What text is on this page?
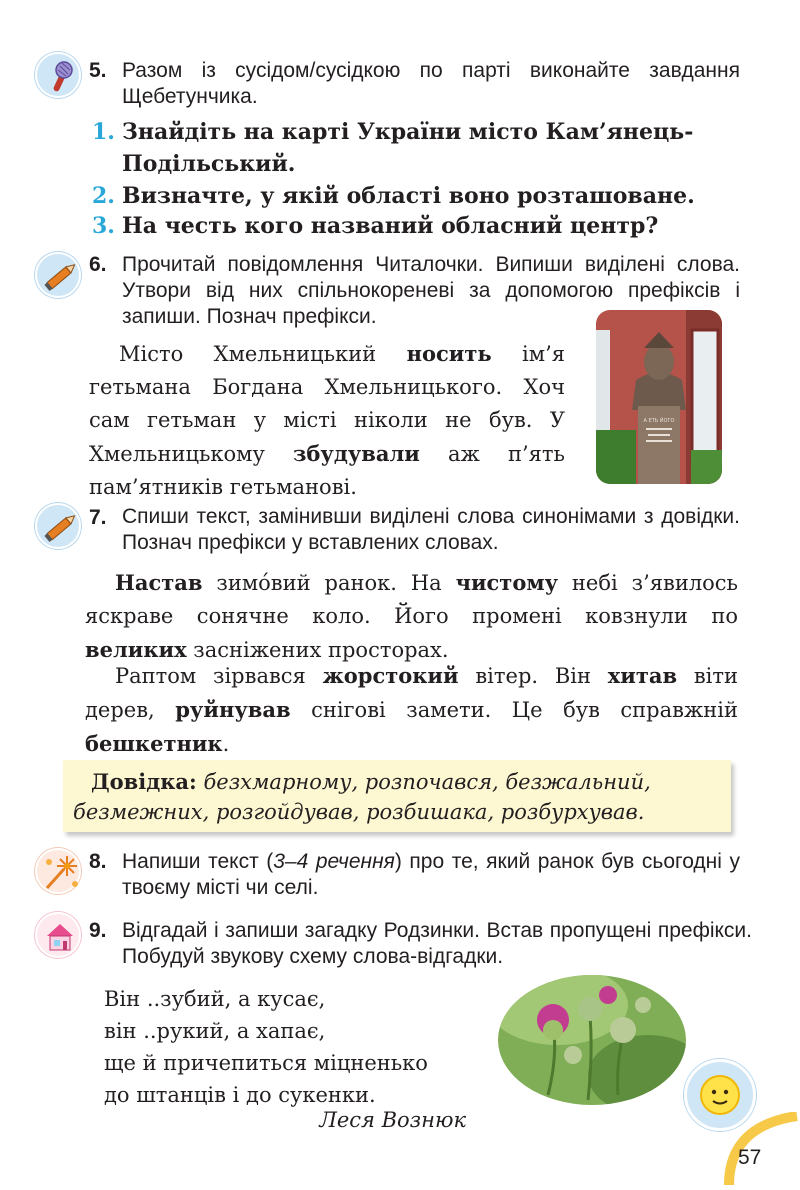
5. Разом із сусідом/сусідкою по парті виконайте завдання Щебетунчика.
1. Знайдіть на карті України місто Кам’янець-
Подільський.
2. Визначте, у якій області воно розташоване.
3. На честь кого названий обласний центр?
6. Прочитай повідомлення Читалочки. Випиши виділені слова. Утвори від них спільнокореневі за допомогою префіксів і запиши. Познач префікси.
Місто Хмельницький носить ім’я гетьмана Богдана Хмельницького. Хоч сам гетьман у місті ніколи не був. У Хмельницькому збудували аж п’ять пам’ятників гетьманові.
А ЕТЬ ЙОГО
7. Спиши текст, замінивши виділені слова синонімами з довідки. Познач префікси у вставлених словах.
Настав зимо́вий ранок. На чистому небі з’явилось яскраве сонячне коло. Його промені ковзнули по великих засніжених просторах.
Раптом зірвався жорстокий вітер. Він хитав віти дерев, руйнував снігові замети. Це був справжній бешкетник.
Довідка: безхмарному, розпочався, безжальний,
безмежних, розгойдував, розбишака, розбурхував.
8. Напиши текст (3–4 речення) про те, який ранок був сьогодні у твоєму місті чи селі.
9. Відгадай і запиши загадку Родзинки. Встав пропущені префікси. Побудуй звукову схему слова-відгадки.
Він ..зубий, а кусає,
він ..рукий, а хапає,
ще й причепиться міцненько
до штанців і до сукенки.
Леся Вознюк
57
